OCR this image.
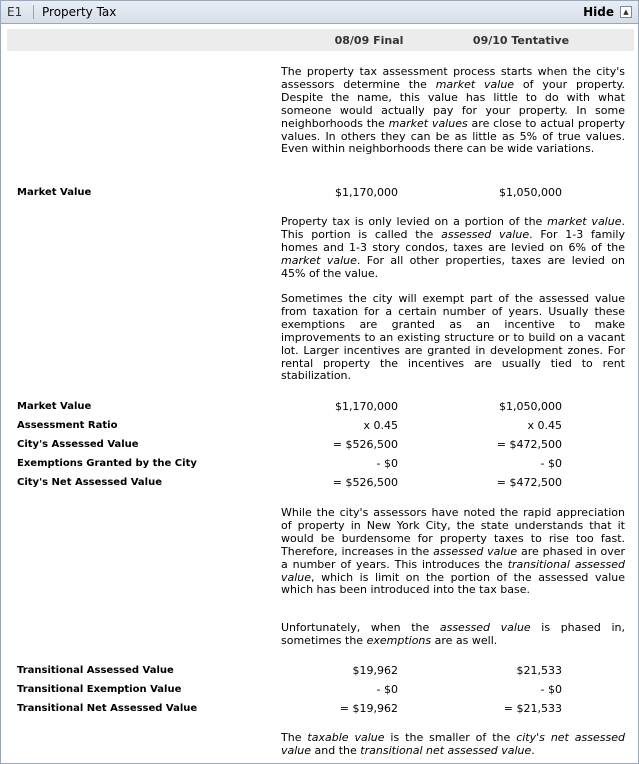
E1	Property Tax	Hide	▲
08/09 Final	09/10 Tentative
The property tax assessment process starts when the city's assessors determine the market value of your property. Despite the name, this value has little to do with what someone would actually pay for your property. In some neighborhoods the market values are close to actual property values. In others they can be as little as 5% of true values. Even within neighborhoods there can be wide variations.
Market Value	$1,170,000	$1,050,000
Property tax is only levied on a portion of the market value. This portion is called the assessed value. For 1-3 family homes and 1-3 story condos, taxes are levied on 6% of the market value. For all other properties, taxes are levied on 45% of the value.
Sometimes the city will exempt part of the assessed value from taxation for a certain number of years. Usually these exemptions are granted as an incentive to make improvements to an existing structure or to build on a vacant lot. Larger incentives are granted in development zones. For rental property the incentives are usually tied to rent stabilization.
Market Value	$1,170,000	$1,050,000
Assessment Ratio	x 0.45	x 0.45
City's Assessed Value	= $526,500	= $472,500
Exemptions Granted by the City	- $0	- $0
City's Net Assessed Value	= $526,500	= $472,500
While the city's assessors have noted the rapid appreciation of property in New York City, the state understands that it would be burdensome for property taxes to rise too fast. Therefore, increases in the assessed value are phased in over a number of years. This introduces the transitional assessed value, which is limit on the portion of the assessed value which has been introduced into the tax base.
Unfortunately, when the assessed value is phased in, sometimes the exemptions are as well.
Transitional Assessed Value	$19,962	$21,533
Transitional Exemption Value	- $0	- $0
Transitional Net Assessed Value	= $19,962	= $21,533
The taxable value is the smaller of the city's net assessed value and the transitional net assessed value.
